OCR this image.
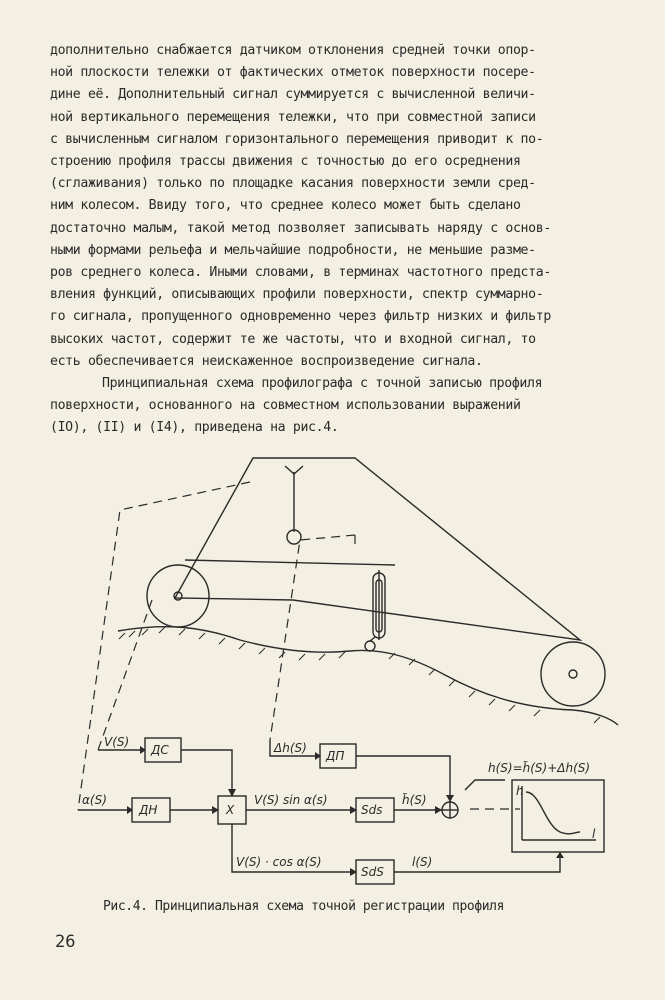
дополнительно снабжается датчиком отклонения средней точки опор-
ной плоскости тележки от фактических отметок поверхности посере-
дине её. Дополнительный сигнал суммируется с вычисленной величи-
ной вертикального перемещения тележки, что при совместной записи
с вычисленным сигналом горизонтального перемещения приводит к по-
строению профиля трассы движения с точностью до его осреднения
(сглаживания) только по площадке касания поверхности земли сред-
ним колесом. Ввиду того, что среднее колесо может быть сделано
достаточно малым, такой метод позволяет записывать наряду с основ-
ными формами рельефа и мельчайшие подробности, не меньшие разме-
ров среднего колеса. Иными словами, в терминах частотного предста-
вления функций, описывающих профили поверхности, спектр суммарно-
го сигнала, пропущенного одновременно через фильтр низких и фильтр
высоких частот, содержит те же частоты, что и входной сигнал, то
есть обеспечивается неискаженное воспроизведение сигнала.
Принципиальная схема профилографа с точной записью профиля
поверхности, основанного на совместном использовании выражений
(IO), (II) и (I4), приведена на рис.4.
ДС	ДП
ДН	X	Sdѕ
SdS
V(S)	Δh(S)
α(S)	V(S) ѕin α(ѕ)	h̃(S)
V(S) · cos α(S)	l(S)
h(S)=h̃(S)+Δh(S)
h
l
Рис.4. Принципиальная схема точной регистрации профиля
26
